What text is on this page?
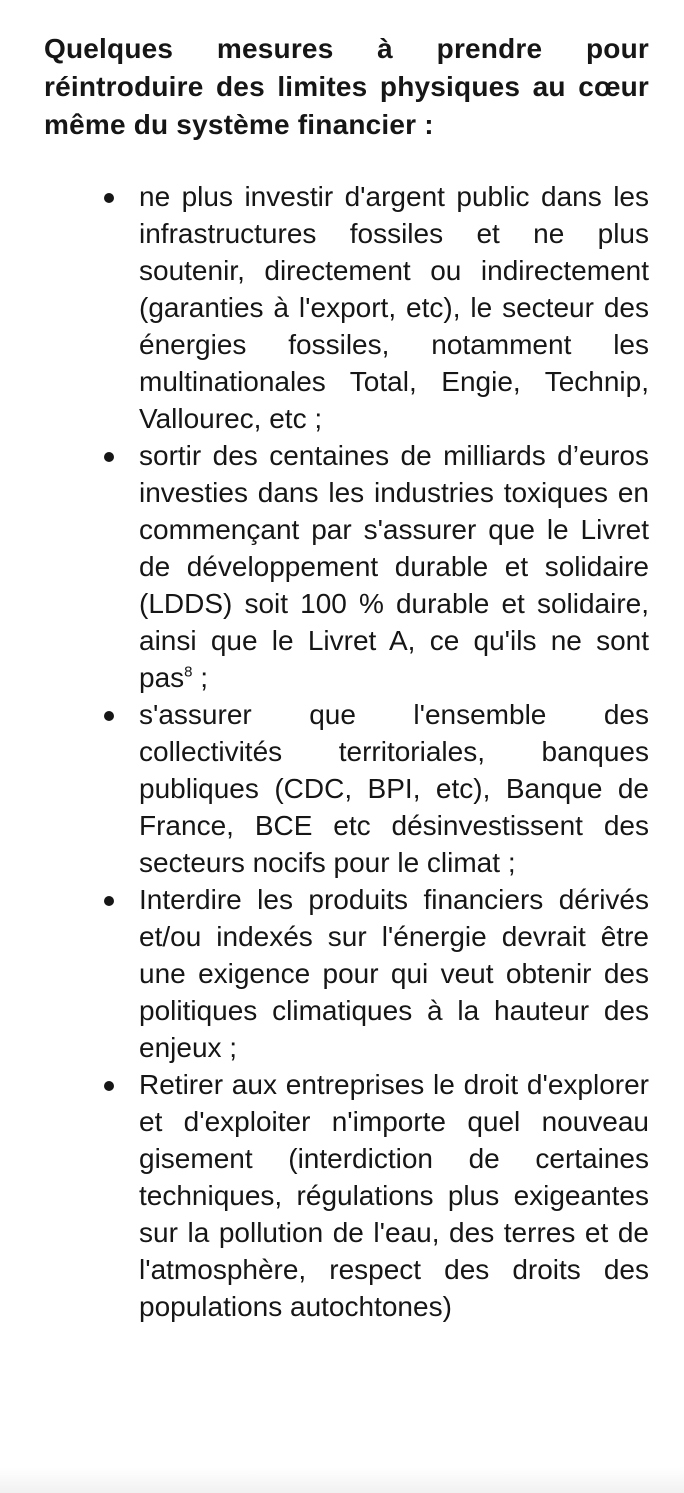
Quelques mesures à prendre pour réintroduire des limites physiques au cœur même du système financier :
ne plus investir d'argent public dans les infrastructures fossiles et ne plus soutenir, directement ou indirectement (garanties à l'export, etc), le secteur des énergies fossiles, notamment les multinationales Total, Engie, Technip, Vallourec, etc ;
sortir des centaines de milliards d’euros investies dans les industries toxiques en commençant par s'assurer que le Livret de développement durable et solidaire (LDDS) soit 100 % durable et solidaire, ainsi que le Livret A, ce qu'ils ne sont pas$^8$ ;
s'assurer que l'ensemble des collectivités territoriales, banques publiques (CDC, BPI, etc), Banque de France, BCE etc désinvestissent des secteurs nocifs pour le climat ;
Interdire les produits financiers dérivés et/ou indexés sur l'énergie devrait être une exigence pour qui veut obtenir des politiques climatiques à la hauteur des enjeux ;
Retirer aux entreprises le droit d'explorer et d'exploiter n'importe quel nouveau gisement (interdiction de certaines techniques, régulations plus exigeantes sur la pollution de l'eau, des terres et de l'atmosphère, respect des droits des populations autochtones)
